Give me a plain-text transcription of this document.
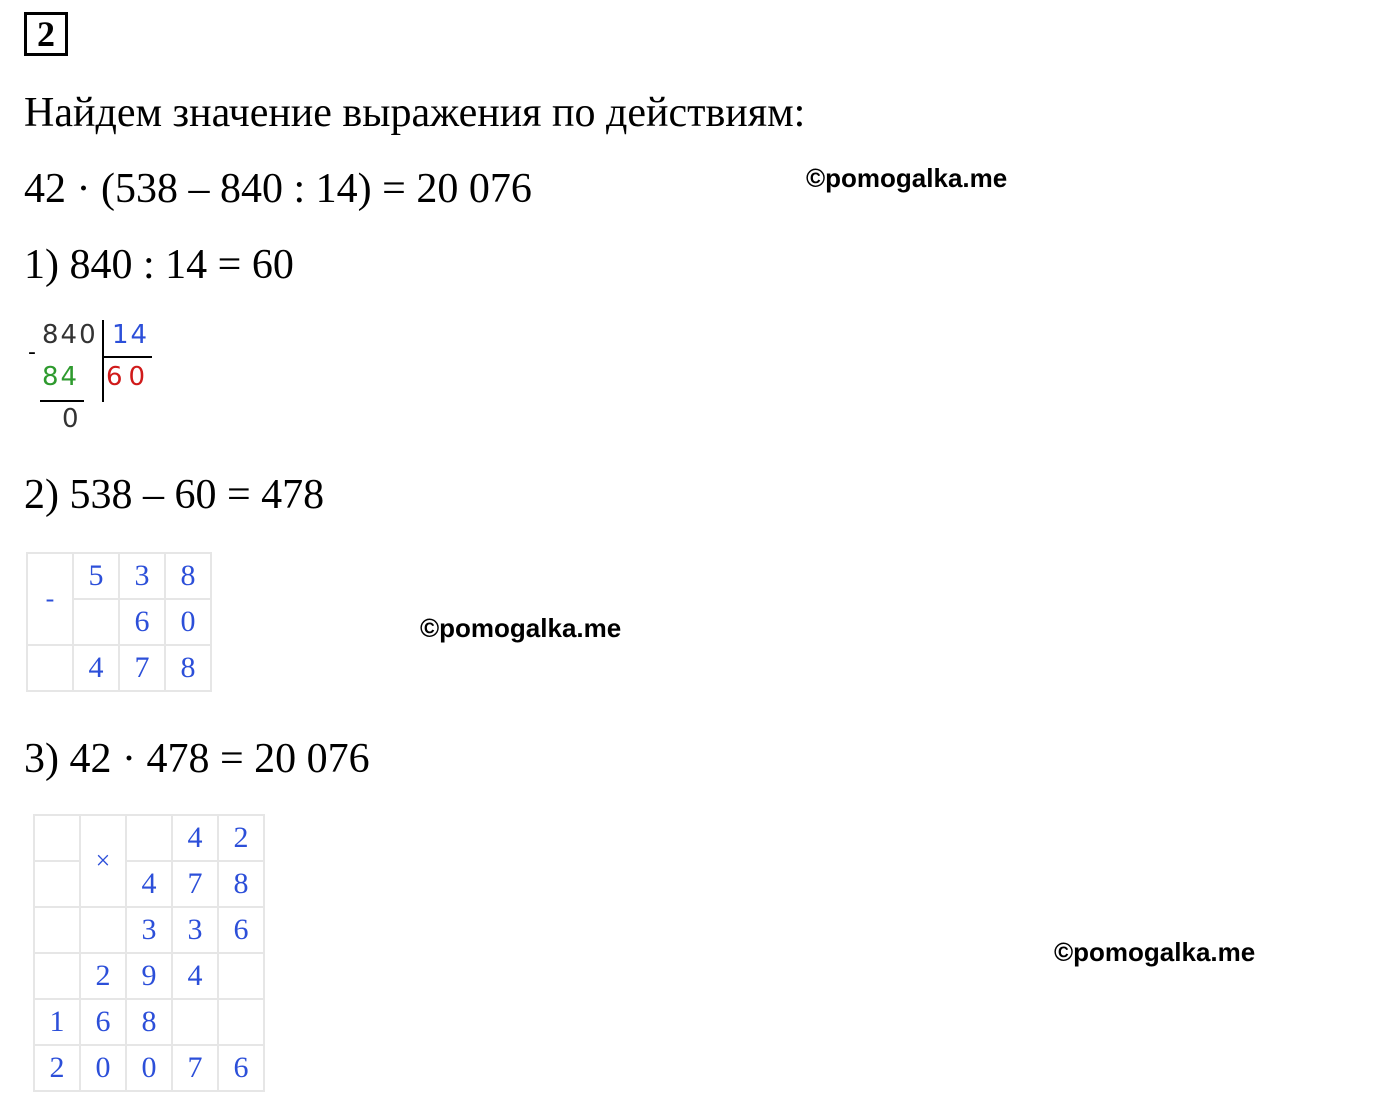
2
Найдем значение выражения по действиям:
42 · (538 – 840 : 14) = 20 076	©pomogalka.me
1) 840 : 14 = 60
-
840 14
84 60
0
2) 538 – 60 = 478
-	5	3	8
		6	0
	4	7	8
©pomogalka.me
3) 42 · 478 = 20 076
	×		4	2
		4	7	8
		3	3	6
	2	9	4	
1	6	8		
2	0	0	7	6
©pomogalka.me
